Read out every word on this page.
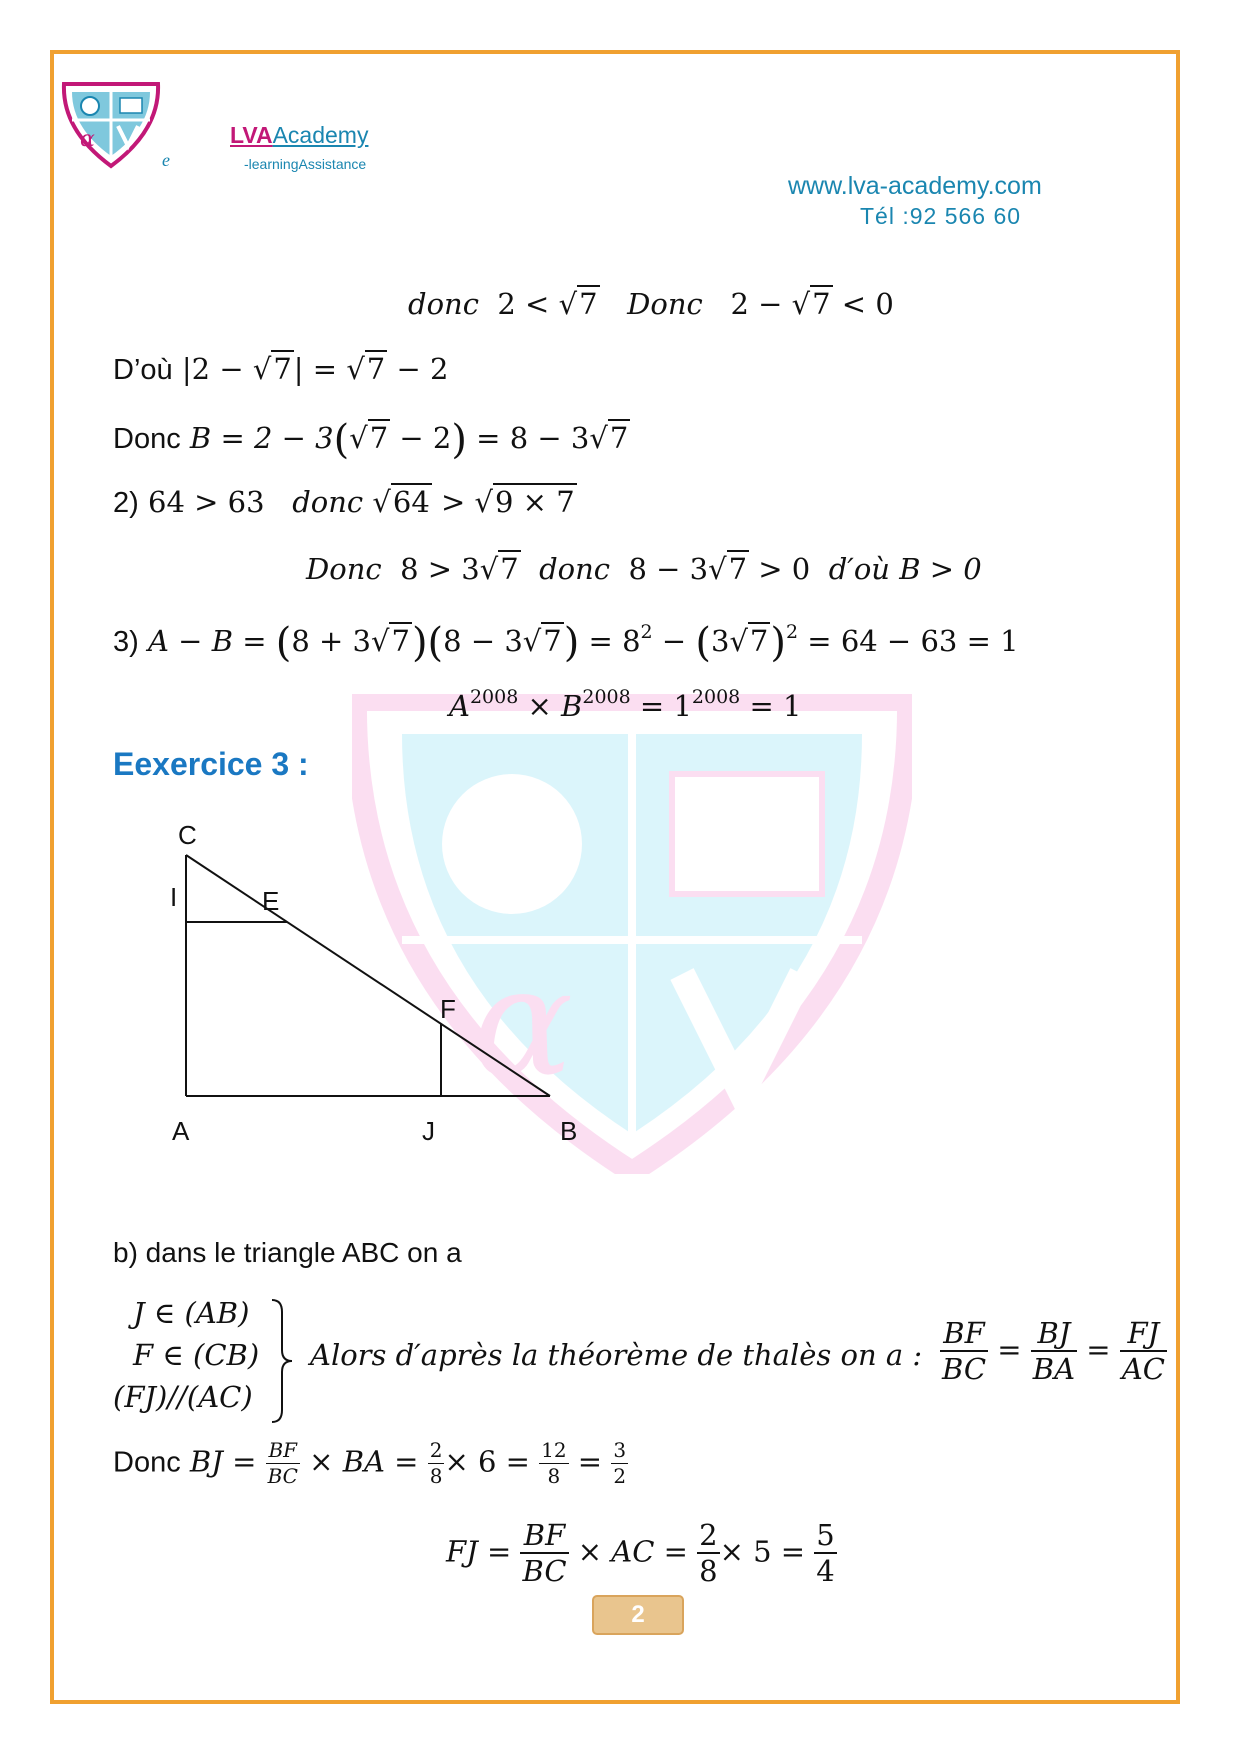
α
e
LVAAcademy
-learningAssistance
www.lva-academy.com
Tél :92 566 60
α
donc 2 < √7 Donc 2 − √7 < 0
D’où |2 − √7| = √7 − 2
Donc B = 2 − 3(√7 − 2) = 8 − 3√7
2) 64 > 63 donc √64 > √9 × 7
Donc 8 > 3√7 donc 8 − 3√7 > 0 d′où B > 0
3) $A - B = (8 + 3√7)(8 - 3√7) = 8^2 - (3√7)^2 = 64 - 63 = 1$
$A^{2008} \times B^{2008} = 1^{2008} = 1$
Eexercice 3 :
C
I	E
F
A	J	B
b) dans le triangle ABC on a
J ∈ (AB)
F ∈ (CB)
(FJ)//(AC)
Alors d′après la théorème de thalès on a : $\frac{BF}{BC} = \frac{BJ}{BA} = \frac{FJ}{AC}$
Donc BJ = $\frac{BF}{BC}$ × BA = $\frac{2}{8} \times 6 = \frac{12}{8} = \frac{3}{2}$
FJ = $\frac{BF}{BC}$ × AC = $\frac{2}{8} \times 5 = \frac{5}{4}$
2
